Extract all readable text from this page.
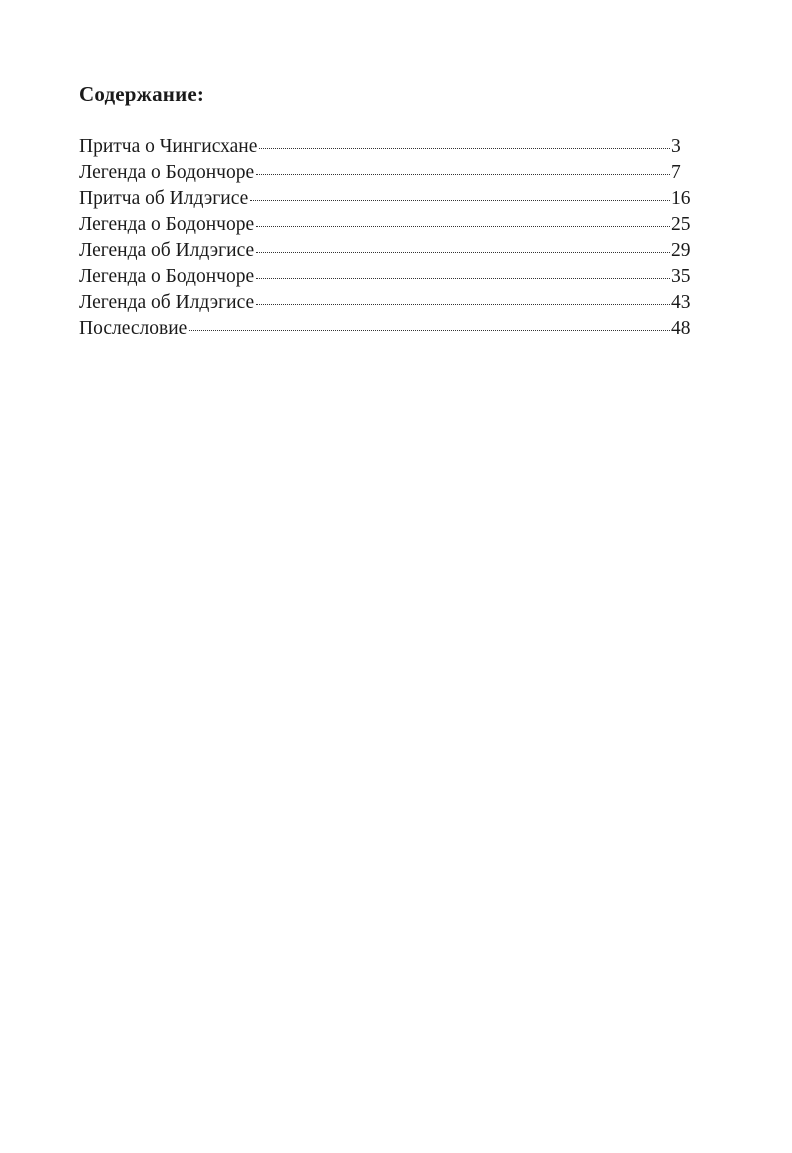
Содержание:
Притча о Чингисхане	3
Легенда о Бодончоре	7
Притча об Илдэгисе	16
Легенда о Бодончоре	25
Легенда об Илдэгисе	29
Легенда о Бодончоре	35
Легенда об Илдэгисе	43
Послесловие	48
